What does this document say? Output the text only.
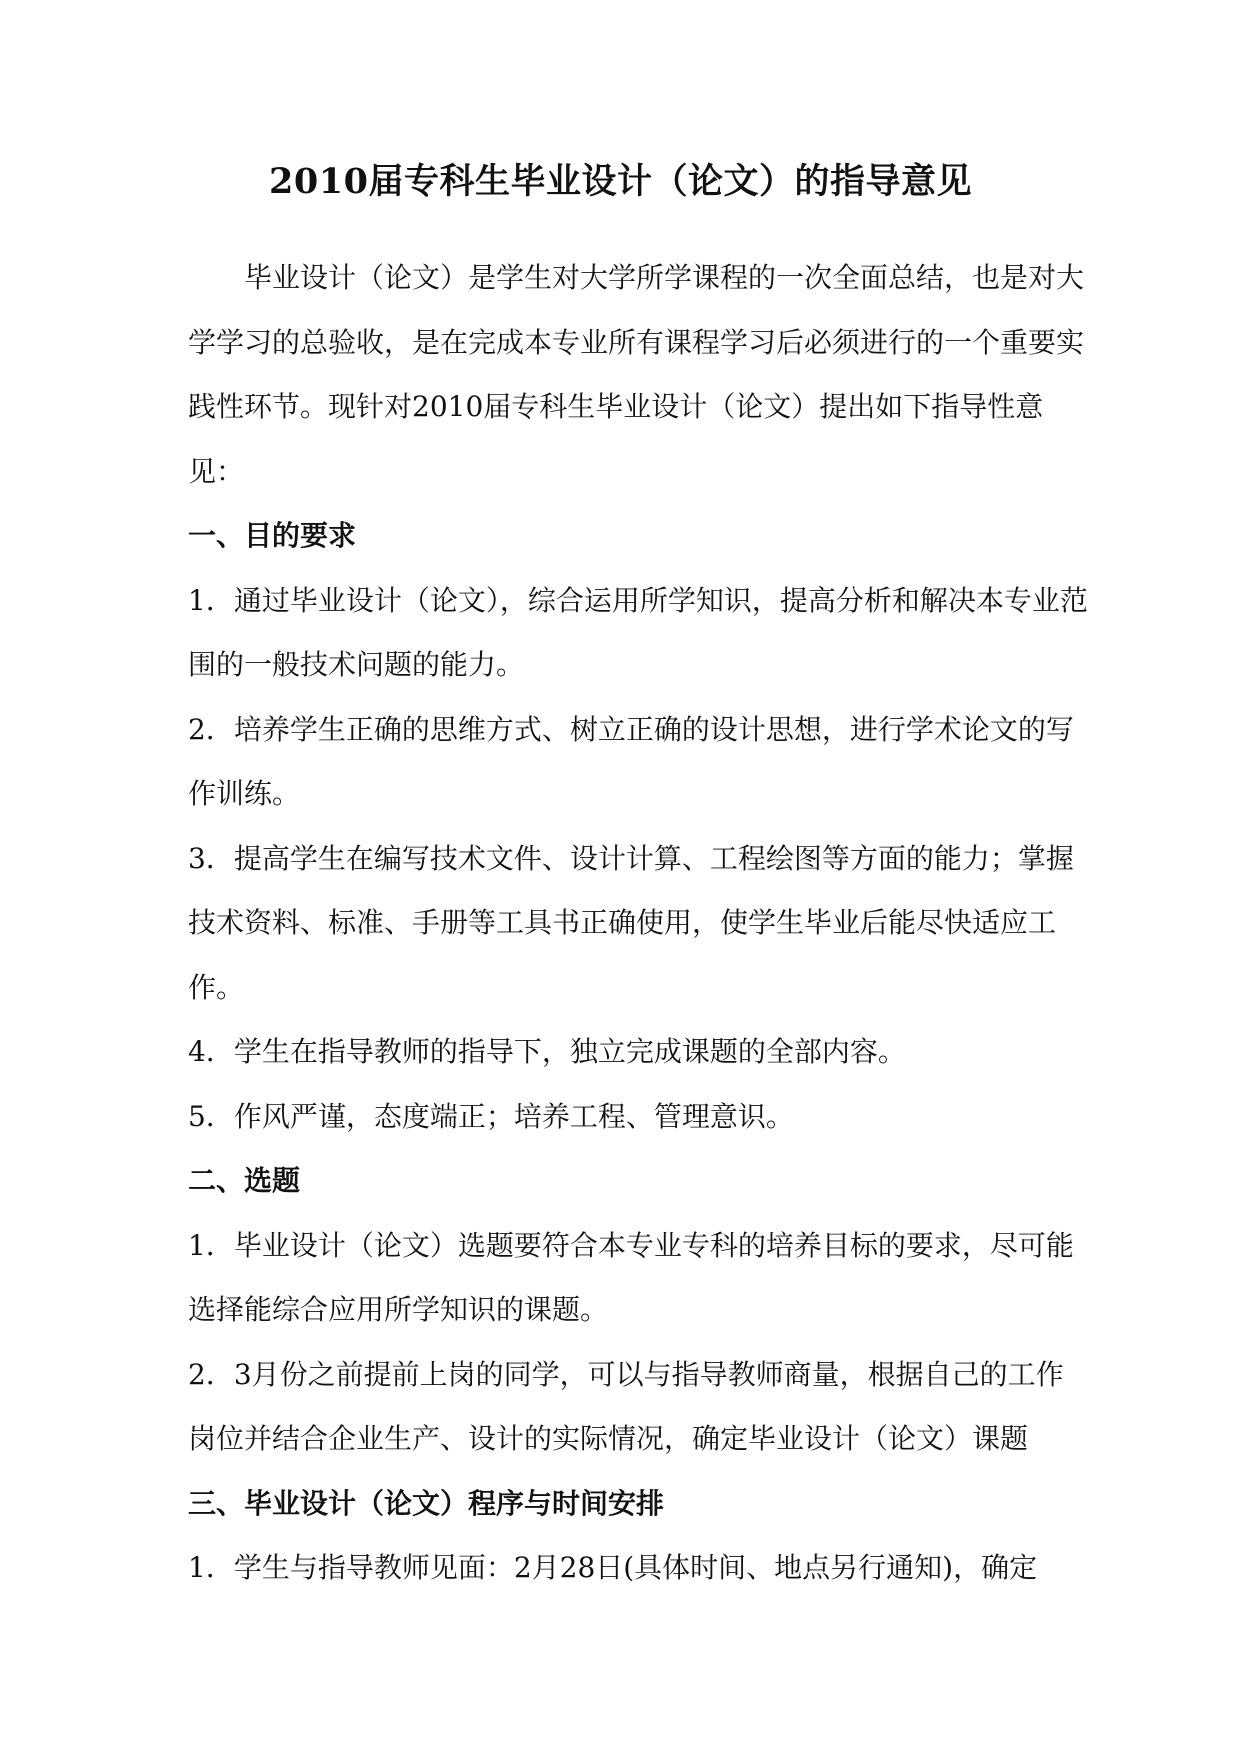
2010届专科生毕业设计（论文）的指导意见

毕业设计（论文）是学生对大学所学课程的一次全面总结，也是对大学学习的总验收，是在完成本专业所有课程学习后必须进行的一个重要实践性环节。现针对2010届专科生毕业设计（论文）提出如下指导性意见：

一、目的要求

1．通过毕业设计（论文），综合运用所学知识，提高分析和解决本专业范围的一般技术问题的能力。

2．培养学生正确的思维方式、树立正确的设计思想，进行学术论文的写作训练。

3．提高学生在编写技术文件、设计计算、工程绘图等方面的能力；掌握技术资料、标准、手册等工具书正确使用，使学生毕业后能尽快适应工作。

4．学生在指导教师的指导下，独立完成课题的全部内容。

5．作风严谨，态度端正；培养工程、管理意识。

二、选题

1．毕业设计（论文）选题要符合本专业专科的培养目标的要求，尽可能选择能综合应用所学知识的课题。

2．3月份之前提前上岗的同学，可以与指导教师商量，根据自己的工作岗位并结合企业生产、设计的实际情况，确定毕业设计（论文）课题

三、毕业设计（论文）程序与时间安排

1．学生与指导教师见面：2月28日(具体时间、地点另行通知)，确定
